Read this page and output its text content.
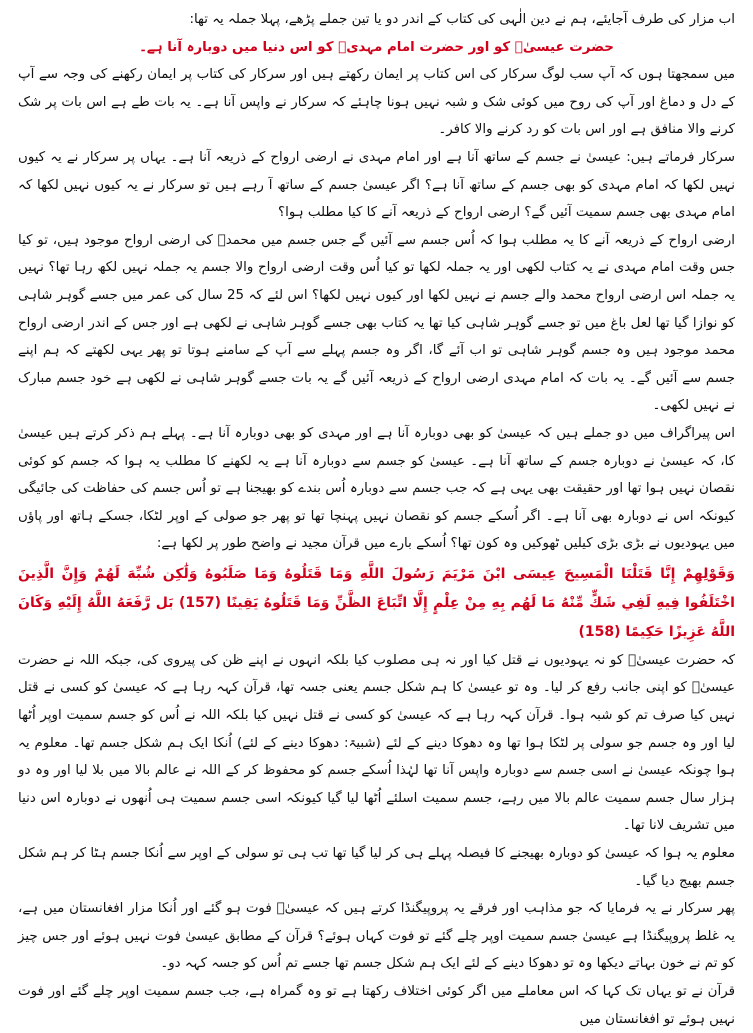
اب مزار کی طرف آجایئے، ہم نے دین الٰہی کی کتاب کے اندر دو یا تین جملے پڑھے، پہلا جملہ یہ تھا:

حضرت عیسیٰؑ کو اور حضرت امام مہدیؑ کو اس دنیا میں دوبارہ آنا ہے۔

میں سمجھتا ہوں کہ آپ سب لوگ سرکار کی اس کتاب پر ایمان رکھتے ہیں اور سرکار کی کتاب پر ایمان رکھنے کی وجہ سے آپ کے دل و دماغ اور آپ کی روح میں کوئی شک و شبہ نہیں ہونا چاہئے کہ سرکار نے واپس آنا ہے۔ یہ بات طے ہے اس بات پر شک کرنے والا منافق ہے اور اس بات کو رد کرنے والا کافر۔

سرکار فرماتے ہیں: عیسیٰ نے جسم کے ساتھ آنا ہے اور امام مہدی نے ارضی ارواح کے ذریعہ آنا ہے۔ یہاں پر سرکار نے یہ کیوں نہیں لکھا کہ امام مہدی کو بھی جسم کے ساتھ آنا ہے؟ اگر عیسیٰ جسم کے ساتھ آ رہے ہیں تو سرکار نے یہ کیوں نہیں لکھا کہ امام مہدی بھی جسم سمیت آئیں گے؟ ارضی ارواح کے ذریعہ آنے کا کیا مطلب ہوا؟

ارضی ارواح کے ذریعہ آنے کا یہ مطلب ہوا کہ اُس جسم سے آئیں گے جس جسم میں محمدؐ کی ارضی ارواح موجود ہیں، تو کیا جس وقت امام مہدی نے یہ کتاب لکھی اور یہ جملہ لکھا تو کیا اُس وقت ارضی ارواح والا جسم یہ جملہ نہیں لکھ رہا تھا؟ نہیں یہ جملہ اس ارضی ارواح محمد والے جسم نے نہیں لکھا اور کیوں نہیں لکھا؟ اس لئے کہ 25 سال کی عمر میں جسے گوہر شاہی کو نوازا گیا تھا لعل باغ میں تو جسے گوہر شاہی کیا تھا یہ کتاب بھی جسے گوہر شاہی نے لکھی ہے اور جس کے اندر ارضی ارواح محمد موجود ہیں وہ جسم گوہر شاہی تو اب آئے گا، اگر وہ جسم پہلے سے آپ کے سامنے ہوتا تو پھر یہی لکھتے کہ ہم اپنے جسم سے آئیں گے۔ یہ بات کہ امام مہدی ارضی ارواح کے ذریعہ آئیں گے یہ بات جسے گوہر شاہی نے لکھی ہے خود جسم مبارک نے نہیں لکھی۔

اس پیراگراف میں دو جملے ہیں کہ عیسیٰ کو بھی دوبارہ آنا ہے اور مہدی کو بھی دوبارہ آنا ہے۔ پہلے ہم ذکر کرتے ہیں عیسیٰ کا، کہ عیسیٰ نے دوبارہ جسم کے ساتھ آنا ہے۔ عیسیٰ کو جسم سے دوبارہ آنا ہے یہ لکھنے کا مطلب یہ ہوا کہ جسم کو کوئی نقصان نہیں ہوا تھا اور حقیقت بھی یہی ہے کہ جب جسم سے دوبارہ اُس بندے کو بھیجنا ہے تو اُس جسم کی حفاظت کی جائیگی کیونکہ اس نے دوبارہ بھی آنا ہے۔ اگر اُسکے جسم کو نقصان نہیں پہنچا تھا تو پھر جو صولی کے اوپر لٹکا، جسکے ہاتھ اور پاؤں میں یہودیوں نے بڑی بڑی کیلیں ٹھوکیں وہ کون تھا؟ اُسکے بارے میں قرآن مجید نے واضح طور پر لکھا ہے:

وَقَوْلِهِمْ إِنَّا قَتَلْنَا الْمَسِيحَ عِيسَى ابْنَ مَرْيَمَ رَسُولَ اللَّهِ وَمَا قَتَلُوهُ وَمَا صَلَبُوهُ وَلَٰكِن شُبِّهَ لَهُمْ وَإِنَّ الَّذِينَ اخْتَلَفُوا فِيهِ لَفِي شَكٍّ مِّنْهُ مَا لَهُم بِهِ مِنْ عِلْمٍ إِلَّا اتِّبَاعَ الظَّنِّ وَمَا قَتَلُوهُ يَقِينًا (157) بَل رَّفَعَهُ اللَّهُ إِلَيْهِ وَكَانَ اللَّهُ عَزِيزًا حَكِيمًا (158)

کہ حضرت عیسیٰؑ کو نہ یہودیوں نے قتل کیا اور نہ ہی مصلوب کیا بلکہ انہوں نے اپنے ظن کی پیروی کی، جبکہ اللہ نے حضرت عیسیٰؑ کو اپنی جانب رفع کر لیا۔ وہ تو عیسیٰ کا ہم شکل جسم یعنی جسہ تھا، قرآن کہہ رہا ہے کہ عیسیٰ کو کسی نے قتل نہیں کیا صرف تم کو شبہ ہوا۔ قرآن کہہ رہا ہے کہ عیسیٰ کو کسی نے قتل نہیں کیا بلکہ اللہ نے اُس کو جسم سمیت اوپر اُٹھا لیا اور وہ جسم جو سولی پر لٹکا ہوا تھا وہ دھوکا دینے کے لئے (شبیۃ: دھوکا دینے کے لئے) اُنکا ایک ہم شکل جسم تھا۔ معلوم یہ ہوا چونکہ عیسیٰ نے اسی جسم سے دوبارہ واپس آنا تھا لہٰذا اُسکے جسم کو محفوظ کر کے اللہ نے عالم بالا میں بلا لیا اور وہ دو ہزار سال جسم سمیت عالم بالا میں رہے، جسم سمیت اسلئے اُٹھا لیا گیا کیونکہ اسی جسم سمیت ہی اُنھوں نے دوبارہ اس دنیا میں تشریف لانا تھا۔

معلوم یہ ہوا کہ عیسیٰ کو دوبارہ بھیجنے کا فیصلہ پہلے ہی کر لیا گیا تھا تب ہی تو سولی کے اوپر سے اُنکا جسم ہٹا کر ہم شکل جسم بھیج دیا گیا۔

پھر سرکار نے یہ فرمایا کہ جو مذاہب اور فرقے یہ پروپیگنڈا کرتے ہیں کہ عیسیٰؑ فوت ہو گئے اور اُنکا مزار افغانستان میں ہے، یہ غلط پروپیگنڈا ہے عیسیٰ جسم سمیت اوپر چلے گئے تو فوت کہاں ہوئے؟ قرآن کے مطابق عیسیٰ فوت نہیں ہوئے اور جس چیز کو تم نے خون بہاتے دیکھا وہ تو دھوکا دینے کے لئے ایک ہم شکل جسم تھا جسے تم اُس کو جسہ کہہ دو۔

قرآن نے تو یہاں تک کہا کہ اس معاملے میں اگر کوئی اختلاف رکھتا ہے تو وہ گمراہ ہے، جب جسم سمیت اوپر چلے گئے اور فوت نہیں ہوئے تو افغانستان میں
